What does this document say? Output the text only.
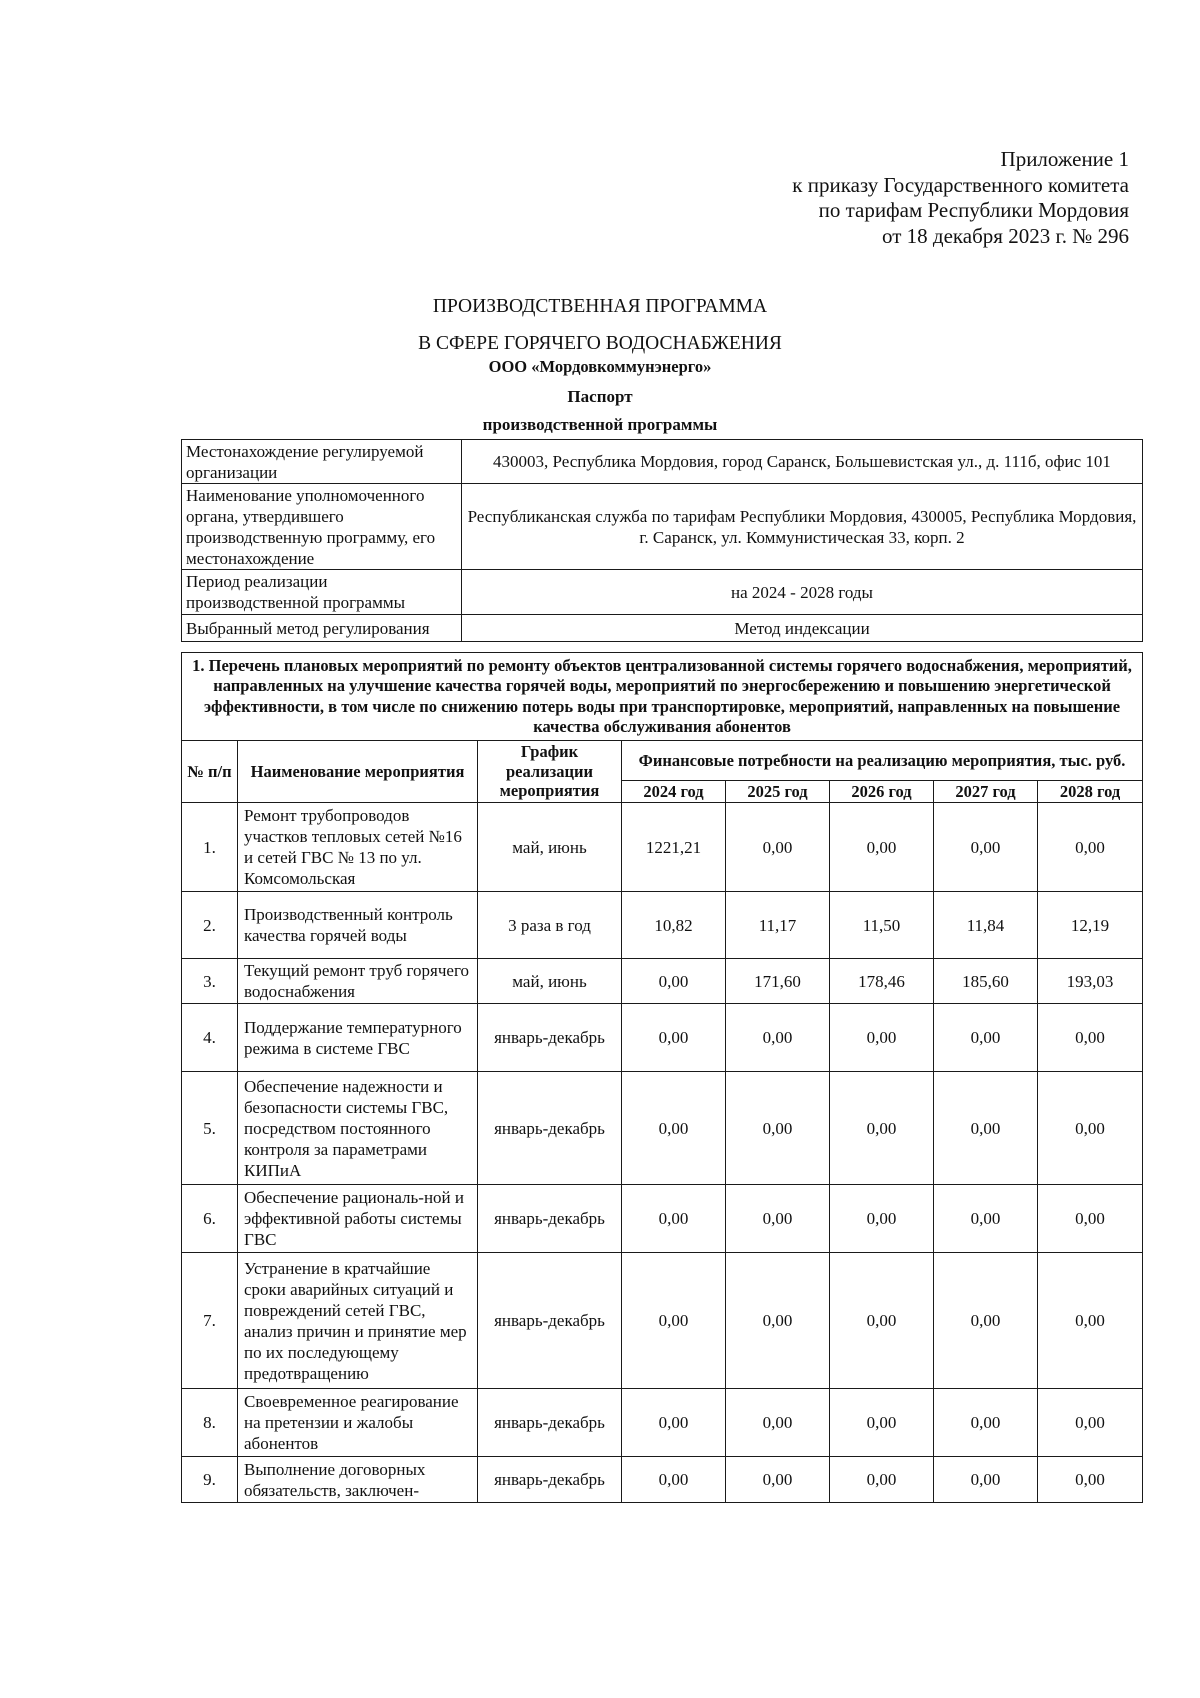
Приложение 1
к приказу Государственного комитета
по тарифам Республики Мордовия
от 18 декабря 2023 г. № 296
ПРОИЗВОДСТВЕННАЯ ПРОГРАММА
В СФЕРЕ ГОРЯЧЕГО ВОДОСНАБЖЕНИЯ
ООО «Мордовкоммунэнерго»
Паспорт
производственной программы
Местонахождение регулируемой организации	430003, Республика Мордовия, город Саранск, Большевистская ул., д. 111б, офис 101
Наименование уполномоченного органа, утвердившего производственную программу, его местонахождение	Республиканская служба по тарифам Республики Мордовия, 430005, Республика Мордовия, г. Саранск, ул. Коммунистическая 33, корп. 2
Период реализации производственной программы	на 2024 - 2028 годы
Выбранный метод регулирования	Метод индексации
1. Перечень плановых мероприятий по ремонту объектов централизованной системы горячего водоснабжения, мероприятий, направленных на улучшение качества горячей воды, мероприятий по энергосбережению и повышению энергетической эффективности, в том числе по снижению потерь воды при транспортировке, мероприятий, направленных на повышение качества обслуживания абонентов							
№ п/п	Наименование мероприятия	График реализации мероприятия	Финансовые потребности на реализацию мероприятия, тыс. руб.				
			2024 год	2025 год	2026 год	2027 год	2028 год
1.	Ремонт трубопроводов участков тепловых сетей №16 и сетей ГВС № 13 по ул. Комсомольская	май, июнь	1221,21	0,00	0,00	0,00	0,00
2.	Производственный контроль качества горячей воды	3 раза в год	10,82	11,17	11,50	11,84	12,19
3.	Текущий ремонт труб горячего водоснабжения	май, июнь	0,00	171,60	178,46	185,60	193,03
4.	Поддержание температурного режима в системе ГВС	январь-декабрь	0,00	0,00	0,00	0,00	0,00
5.	Обеспечение надежности и безопасности системы ГВС, посредством постоянного контроля за параметрами КИПиА	январь-декабрь	0,00	0,00	0,00	0,00	0,00
6.	Обеспечение рациональ-ной и эффективной работы системы ГВС	январь-декабрь	0,00	0,00	0,00	0,00	0,00
7.	Устранение в кратчайшие сроки аварийных ситуаций и повреждений сетей ГВС, анализ причин и принятие мер по их последующему предотвращению	январь-декабрь	0,00	0,00	0,00	0,00	0,00
8.	Своевременное реагирование на претензии и жалобы абонентов	январь-декабрь	0,00	0,00	0,00	0,00	0,00
9.	Выполнение договорных обязательств, заключен-	январь-декабрь	0,00	0,00	0,00	0,00	0,00
